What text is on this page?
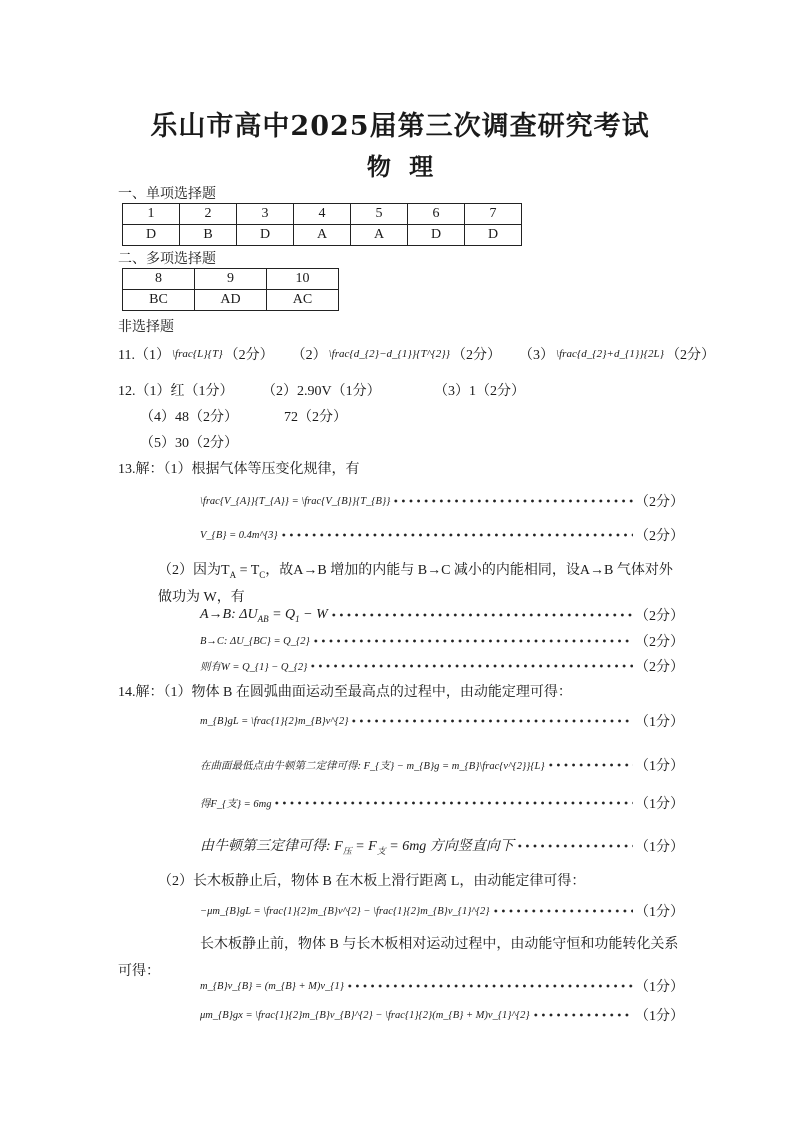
乐山市高中2025届第三次调查研究考试
物 理
一、单项选择题
1	2	3	4	5	6	7
D	B	D	A	A	D	D
二、多项选择题
8	9	10
BC	AD	AC
非选择题
11.（1） \frac{L}{T} （2分） （2） \frac{d_{2}−d_{1}}{T^{2}} （2分） （3） \frac{d_{2}+d_{1}}{2L} （2分）
12.（1）红（1分） （2）2.90V（1分）	（3）1（2分）
（4）48（2分）	72（2分）
（5）30（2分）
13.解：（1）根据气体等压变化规律，有
\frac{V_{A}}{T_{A}} = \frac{V_{B}}{T_{B}}	（2分）
V_{B} = 0.4m^{3}	（2分）
（2）因为$T_A = T_C$，故A→B 增加的内能与 B→C 减小的内能相同，设A→B 气体对外
做功为 W，有
A→B: $\Delta U_{AB} = Q_1 - W$	（2分）
B→C: ΔU_{BC} = Q_{2}	（2分）
则有W = Q_{1} − Q_{2}	（2分）
14.解：（1）物体 B 在圆弧曲面运动至最高点的过程中，由动能定理可得：
m_{B}gL = \frac{1}{2}m_{B}v^{2}	（1分）
在曲面最低点由牛顿第二定律可得: F_{支} − m_{B}g = m_{B}\frac{v^{2}}{L}	（1分）
得F_{支} = 6mg	（1分）
由牛顿第三定律可得: $F_压 = F_支 = 6mg$ 方向竖直向下	（1分）
（2）长木板静止后，物体 B 在木板上滑行距离 L，由动能定律可得：
−μm_{B}gL = \frac{1}{2}m_{B}v^{2} − \frac{1}{2}m_{B}v_{1}^{2}	（1分）
长木板静止前，物体 B 与长木板相对运动过程中，由动能守恒和功能转化关系
可得：
m_{B}v_{B} = (m_{B} + M)v_{1}	（1分）
μm_{B}gx = \frac{1}{2}m_{B}v_{B}^{2} − \frac{1}{2}(m_{B} + M)v_{1}^{2}	（1分）
